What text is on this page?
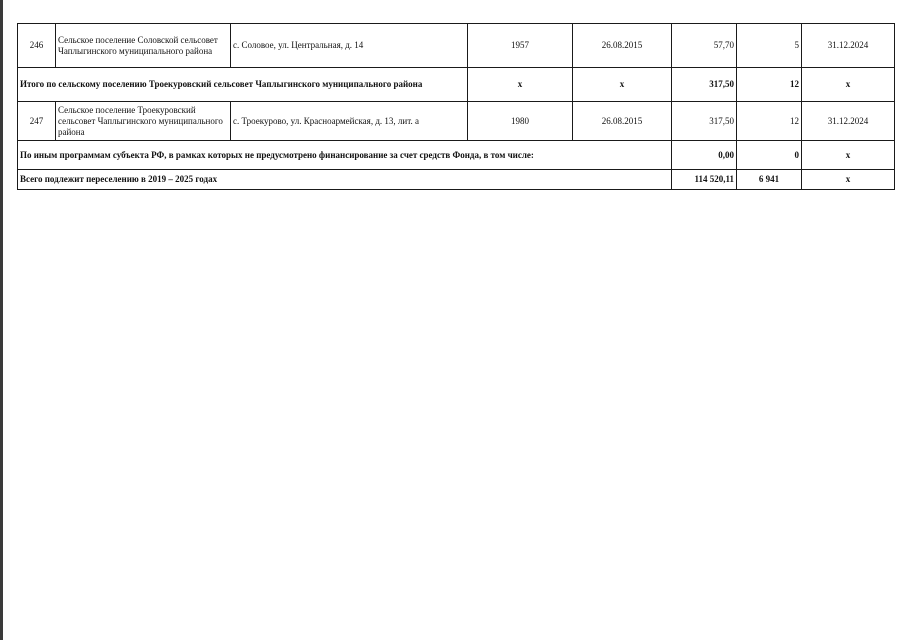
246	Сельское поселение Соловской сельсовет Чаплыгинского муниципального района	с. Соловое, ул. Центральная, д. 14	1957	26.08.2015	57,70	5	31.12.2024
Итого по сельскому поселению Троекуровский сельсовет Чаплыгинского муниципального района			х	х	317,50	12	х
247	Сельское поселение Троекуровский сельсовет Чаплыгинского муниципального района	с. Троекурово, ул. Красноармейская, д. 13, лит. а	1980	26.08.2015	317,50	12	31.12.2024
По иным программам субъекта РФ, в рамках которых не предусмотрено финансирование за счет средств Фонда, в том числе:					0,00	0	х
Всего подлежит переселению в 2019 – 2025 годах					114 520,11	6 941	х
